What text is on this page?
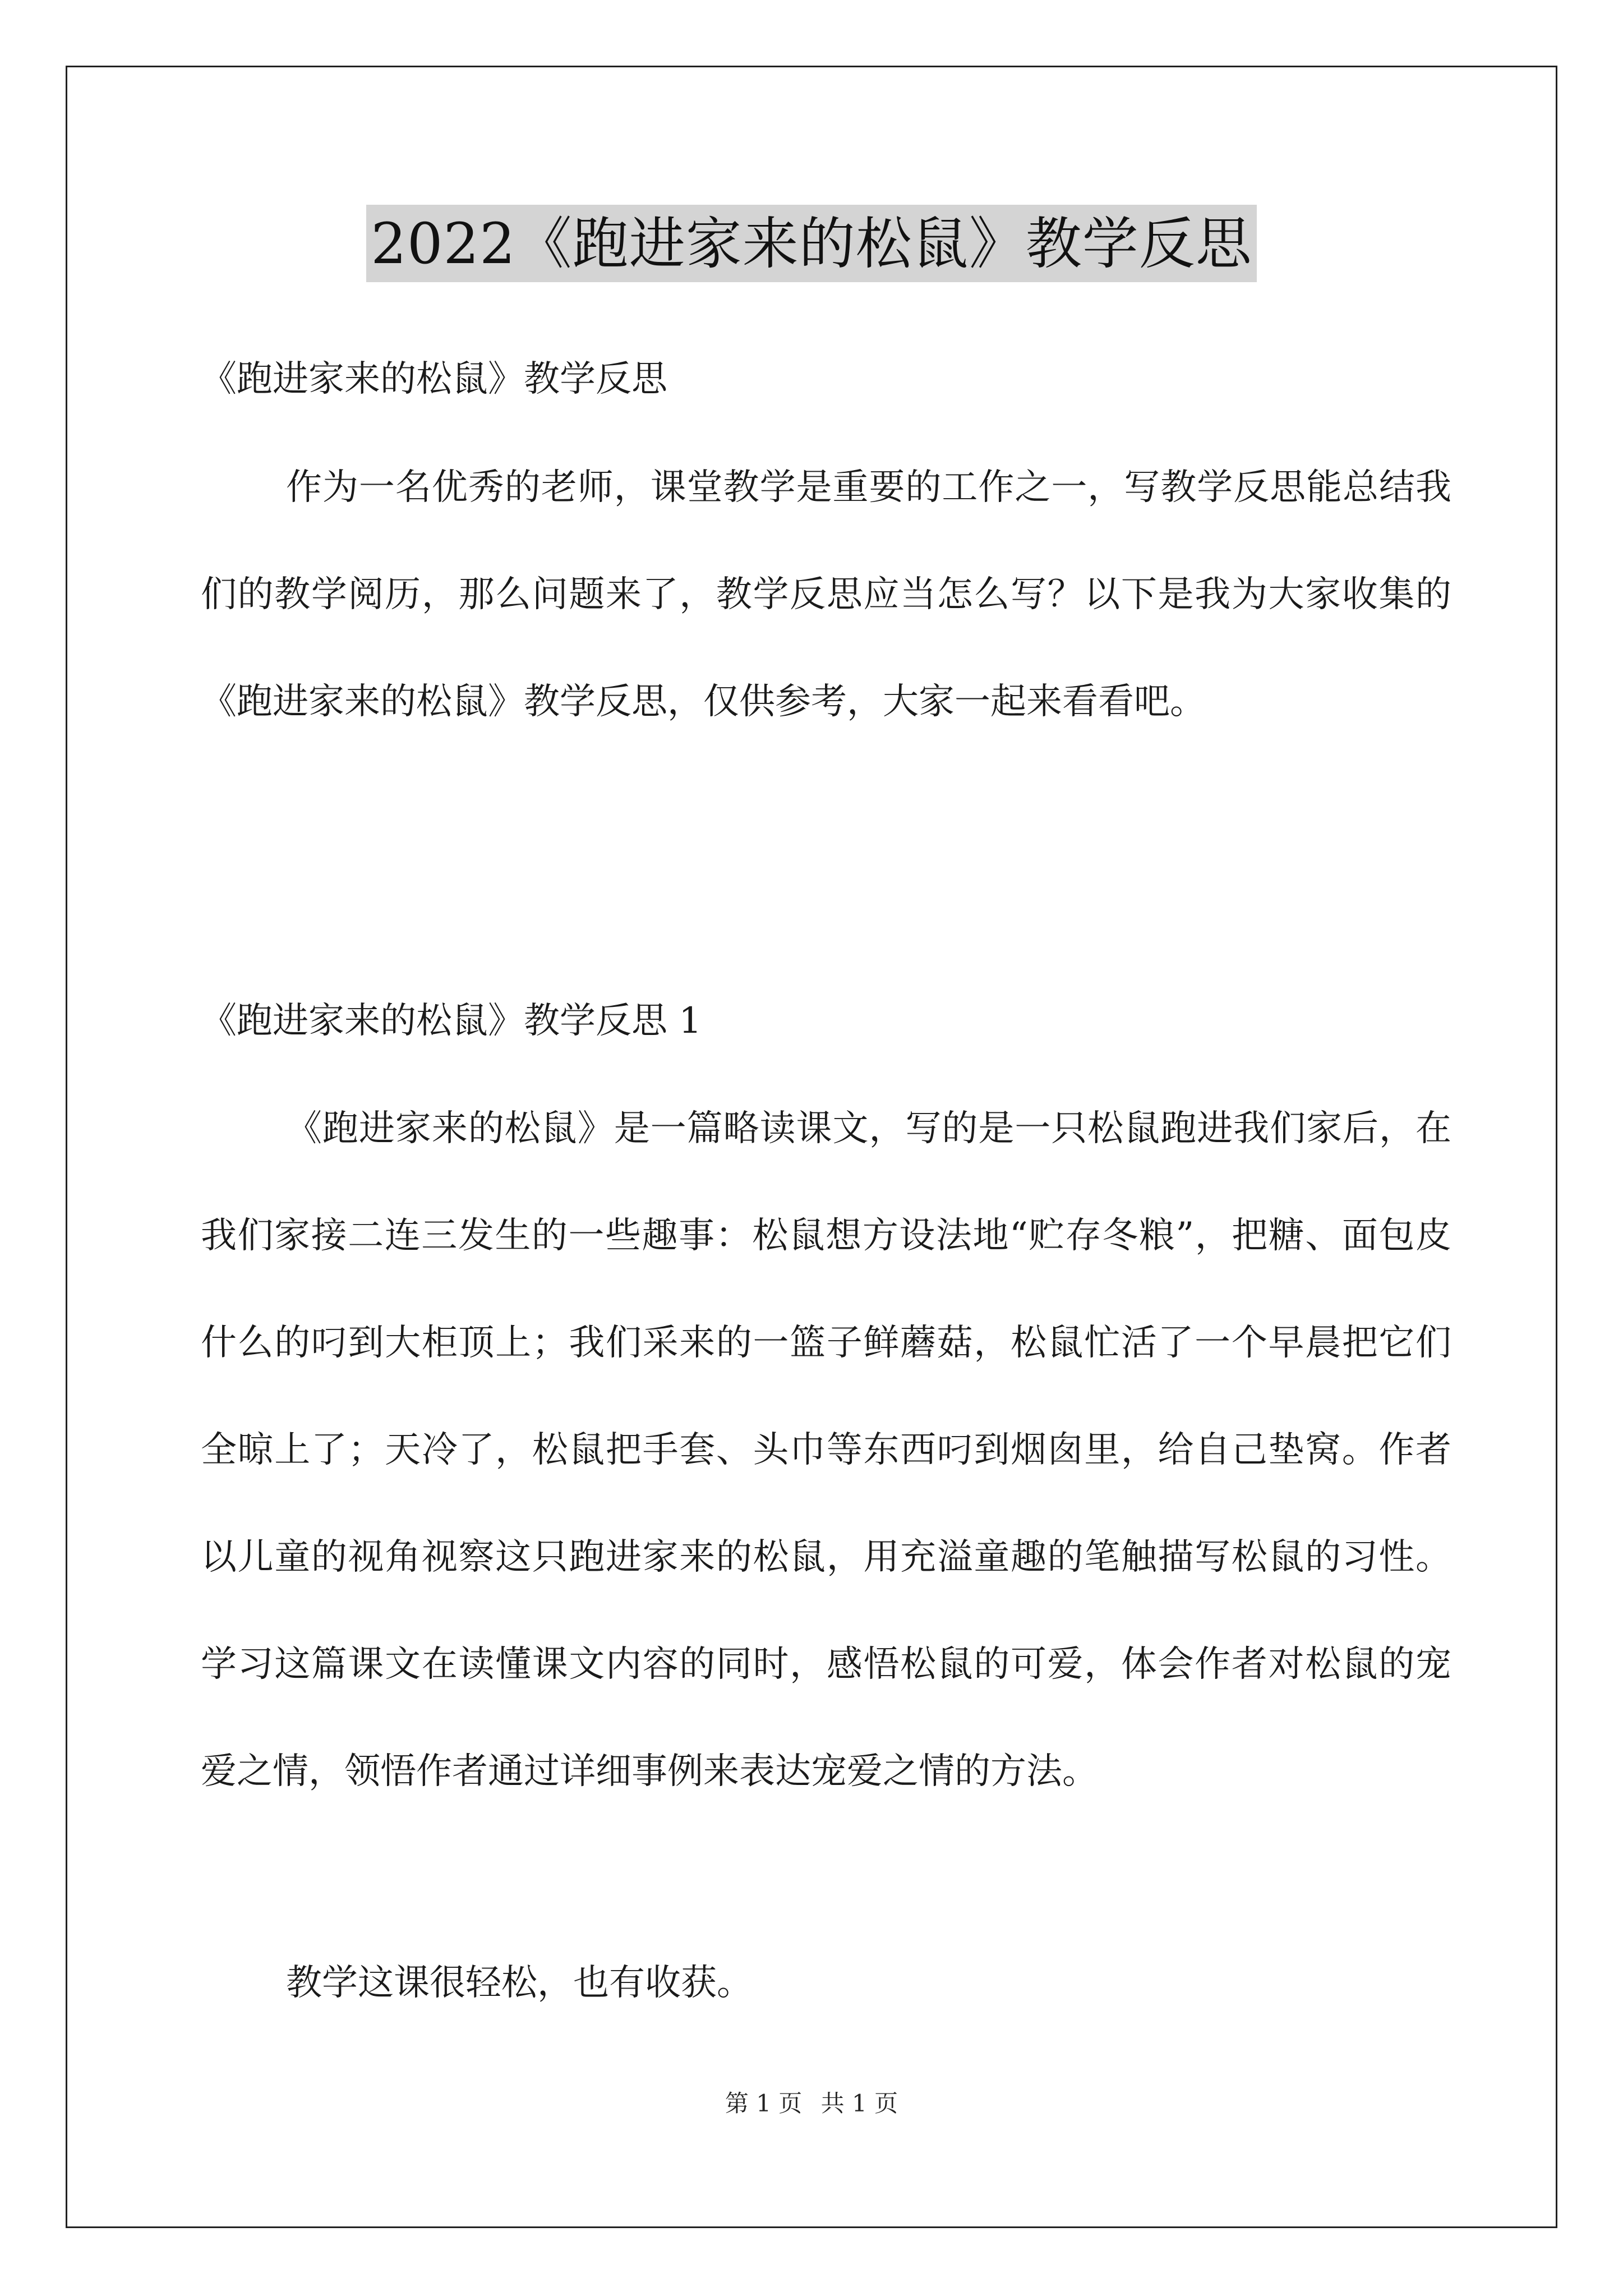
2022《跑进家来的松鼠》教学反思
《跑进家来的松鼠》教学反思
作为一名优秀的老师，课堂教学是重要的工作之一，写教学反思能总结我们的教学阅历，那么问题来了，教学反思应当怎么写？以下是我为大家收集的《跑进家来的松鼠》教学反思，仅供参考，大家一起来看看吧。
《跑进家来的松鼠》教学反思 1
《跑进家来的松鼠》是一篇略读课文，写的是一只松鼠跑进我们家后，在我们家接二连三发生的一些趣事：松鼠想方设法地“贮存冬粮”，把糖、面包皮什么的叼到大柜顶上；我们采来的一篮子鲜蘑菇，松鼠忙活了一个早晨把它们全晾上了；天冷了，松鼠把手套、头巾等东西叼到烟囱里，给自己垫窝。作者以儿童的视角视察这只跑进家来的松鼠，用充溢童趣的笔触描写松鼠的习性。学习这篇课文在读懂课文内容的同时，感悟松鼠的可爱，体会作者对松鼠的宠爱之情，领悟作者通过详细事例来表达宠爱之情的方法。
教学这课很轻松，也有收获。
第 1 页 共 1 页
